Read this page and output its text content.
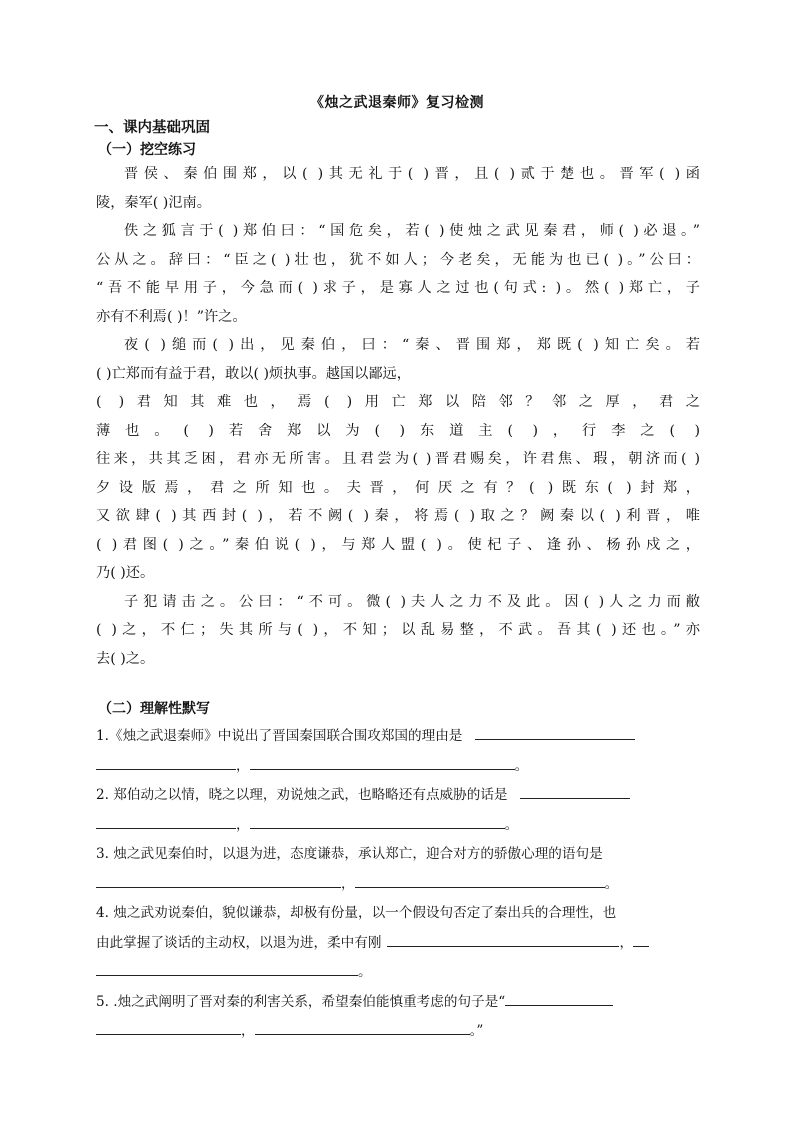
《烛之武退秦师》复习检测
一、课内基础巩固
（一）挖空练习
晋侯、秦伯围郑，以( )其无礼于( )晋，且( )贰于楚也。晋军( )函
陵，秦军( )氾南。
佚之狐言于( )郑伯曰：“国危矣，若( )使烛之武见秦君，师( )必退。”
公从之。辞曰：“臣之( )壮也，犹不如人；今老矣，无能为也已( )。”公曰：
“吾不能早用子，今急而( )求子，是寡人之过也(句式: )。然( )郑亡，子
亦有不利焉( )！”许之。
夜( )缒而( )出，见秦伯，曰：“秦、晋围郑，郑既( )知亡矣。若
( )亡郑而有益于君，敢以( )烦执事。越国以鄙远，
( )君知其难也，焉( )用亡郑以陪邻？邻之厚，君之
薄也。( )若舍郑以为( )东道主( )，行李之( )
往来，共其乏困，君亦无所害。且君尝为( )晋君赐矣，许君焦、瑕，朝济而( )
夕设版焉，君之所知也。夫晋，何厌之有？( )既东( )封郑，
又欲肆( )其西封( )，若不阙( )秦，将焉( )取之？阙秦以( )利晋，唯
( )君图( )之。”秦伯说( )，与郑人盟( )。使杞子、逢孙、杨孙戍之，
乃( )还。
子犯请击之。公曰：“不可。微( )夫人之力不及此。因( )人之力而敝
( )之，不仁；失其所与( )，不知；以乱易整，不武。吾其( )还也。”亦
去( )之。
（二）理解性默写
1.《烛之武退秦师》中说出了晋国秦国联合围攻郑国的理由是
，	。
2. 郑伯动之以情，晓之以理，劝说烛之武，也略略还有点威胁的话是
，	。
3. 烛之武见秦伯时，以退为进，态度谦恭，承认郑亡，迎合对方的骄傲心理的语句是
，	。
4. 烛之武劝说秦伯，貌似谦恭，却极有份量，以一个假设句否定了秦出兵的合理性，也
由此掌握了谈话的主动权，以退为进，柔中有刚	，
。
5. .烛之武阐明了晋对秦的利害关系，希望秦伯能慎重考虑的句子是“
，	。”
